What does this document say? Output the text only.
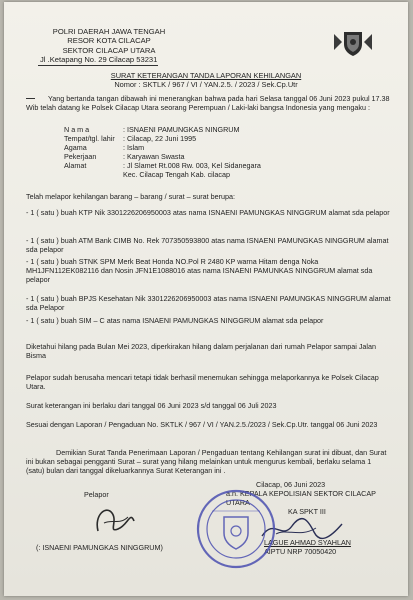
POLRI DAERAH JAWA TENGAH
RESOR KOTA CILACAP
SEKTOR CILACAP UTARA
Jl .Ketapang No. 29 Cilacap 53231
SURAT KETERANGAN TANDA LAPORAN KEHILANGAN
Nomor : SKTLK / 967 / VI / YAN.2.5. / 2023 / Sek.Cp.Utr
Yang bertanda tangan dibawah ini menerangkan bahwa pada hari Selasa tanggal 06 Juni 2023 pukul 17.38 Wib telah datang ke Polsek Cilacap Utara seorang Perempuan / Laki-laki bangsa Indonesia yang mengaku :
N a m a	: ISNAENI PAMUNGKAS NINGRUM
Tempat/tgl. lahir	: Cilacap, 22 Juni 1995
Agama	: Islam
Pekerjaan	: Karyawan Swasta
Alamat	: Jl Slamet Rt.008 Rw. 003, Kel Sidanegara
Kec. Cilacap Tengah Kab. cilacap
Telah melapor kehilangan barang – barang / surat – surat berupa:
- 1 ( satu ) buah KTP Nik 3301226206950003 atas nama ISNAENI PAMUNGKAS NINGGRUM alamat sda pelapor
- 1 ( satu ) buah ATM Bank CIMB No. Rek 707350593800 atas nama ISNAENI PAMUNGKAS NINGGRUM alamat sda pelapor
- 1 ( satu ) buah STNK SPM Merk Beat Honda NO.Pol R 2480 KP warna Hitam denga Noka MH1JFN112EK082116 dan Nosin JFN1E1088016 atas nama ISNAENI PAMUNKAS NINGGRUM alamat sda pelapor
- 1 ( satu ) buah BPJS Kesehatan Nik 3301226206950003 atas nama ISNAENI PAMUNGKAS NINGGRUM alamat sda Pelapor
- 1 ( satu ) buah SIM – C atas nama ISNAENI PAMUNGKAS NINGGRUM alamat sda pelapor
Diketahui hilang pada Bulan Mei 2023, diperkirakan hilang dalam perjalanan dari rumah Pelapor sampai Jalan Bisma
Pelapor sudah berusaha mencari tetapi tidak berhasil menemukan sehingga melaporkannya ke Polsek Cilacap Utara.
Surat keterangan ini berlaku dari tanggal 06 Juni 2023 s/d tanggal 06 Juli 2023
Sesuai dengan Laporan / Pengaduan No. SKTLK / 967 / VI / YAN.2.5./2023 / Sek.Cp.Utr. tanggal 06 Juni 2023
Demikian Surat Tanda Penerimaan Laporan / Pengaduan tentang Kehilangan surat ini dibuat, dan Surat ini bukan sebagai pengganti Surat – surat yang hilang melainkan untuk mengurus kembali, berlaku selama 1 (satu) bulan dari tanggal dikeluarkannya Surat Keterangan ini .
Cilacap, 06 Juni 2023
a.n. KEPALA KEPOLISIAN SEKTOR CILACAP UTARA
KA SPKT III
LAGUE AHMAD SYAHLAN
AIPTU NRP 70050420
Pelapor
(: ISNAENI PAMUNGKAS NINGGRUM)
